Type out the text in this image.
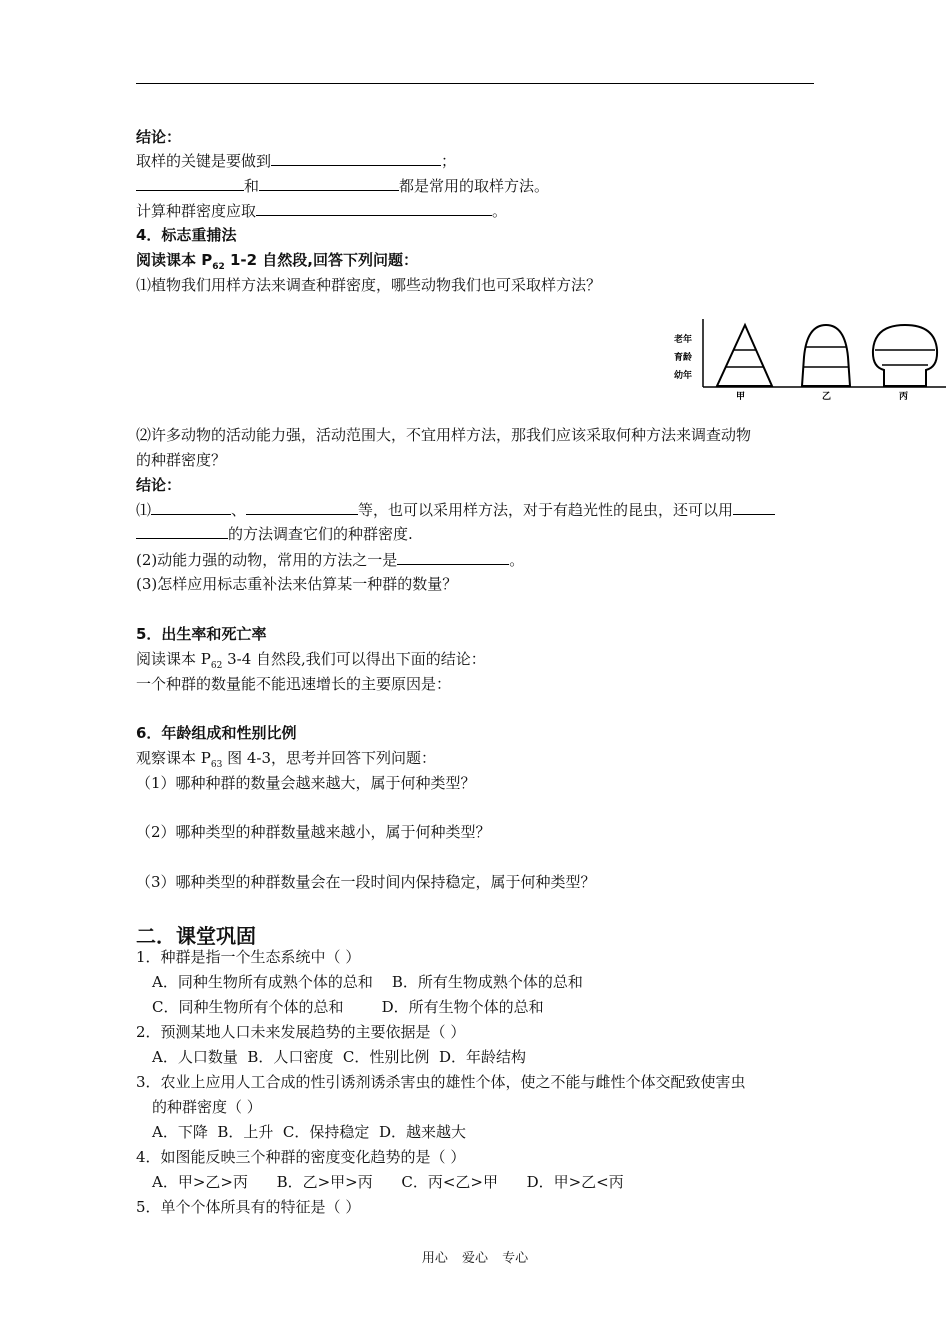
结论：
取样的关键是要做到	；
和	都是常用的取样方法。
计算种群密度应取	。
4．标志重捕法
阅读课本 $P_{62}$ 1-2 自然段,回答下列问题：
⑴植物我们用样方法来调查种群密度，哪些动物我们也可采取样方法？
老年
育龄
幼年
甲	乙	丙
⑵许多动物的活动能力强，活动范围大，不宜用样方法，那我们应该采取何种方法来调查动物
的种群密度？
结论：
⑴	、	等，也可以采用样方法，对于有趋光性的昆虫，还可以用
的方法调查它们的种群密度.
(2)动能力强的动物，常用的方法之一是	。
(3)怎样应用标志重补法来估算某一种群的数量？
5．出生率和死亡率
阅读课本 $P_{62}$ 3-4 自然段,我们可以得出下面的结论：
一个种群的数量能不能迅速增长的主要原因是：
6．年龄组成和性别比例
观察课本 $P_{63}$ 图 4-3，思考并回答下列问题：
（1）哪种种群的数量会越来越大，属于何种类型？
（2）哪种类型的种群数量越来越小，属于何种类型？
（3）哪种类型的种群数量会在一段时间内保持稳定，属于何种类型？
二．课堂巩固
1．种群是指一个生态系统中（ ）
A．同种生物所有成熟个体的总和    B．所有生物成熟个体的总和
C．同种生物所有个体的总和        D．所有生物个体的总和
2．预测某地人口未来发展趋势的主要依据是（ ）
A．人口数量  B．人口密度  C．性别比例  D．年龄结构
3．农业上应用人工合成的性引诱剂诱杀害虫的雄性个体，使之不能与雌性个体交配致使害虫
的种群密度（ ）
A．下降  B．上升  C．保持稳定  D．越来越大
4．如图能反映三个种群的密度变化趋势的是（ ）
A．甲>乙>丙      B．乙>甲>丙      C．丙<乙>甲      D．甲>乙<丙
5．单个个体所具有的特征是（ ）
用心 爱心 专心
